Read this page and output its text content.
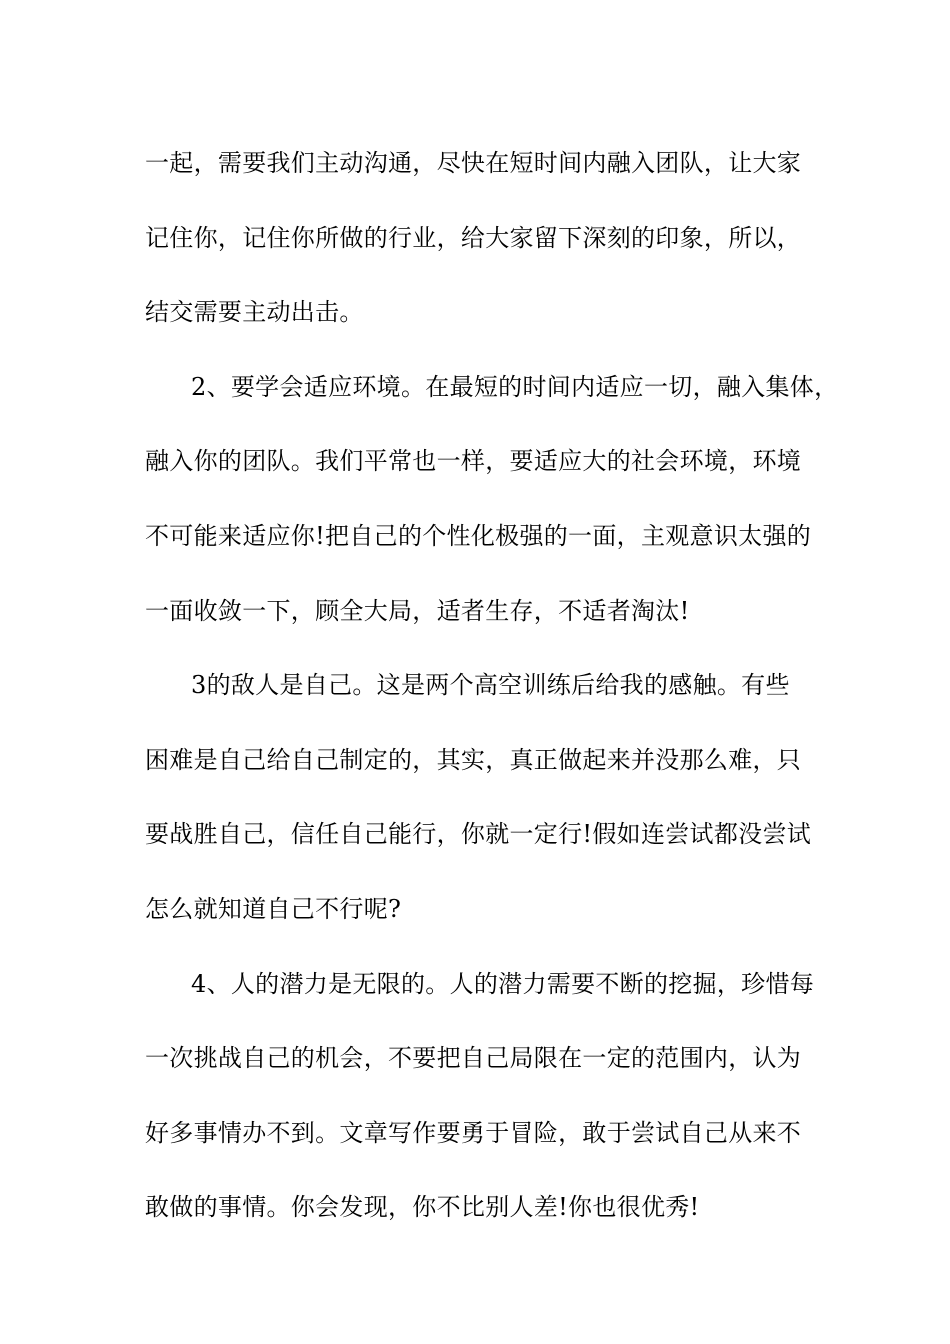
一起，需要我们主动沟通，尽快在短时间内融入团队，让大家
记住你，记住你所做的行业，给大家留下深刻的印象，所以，
结交需要主动出击。
2、要学会适应环境。在最短的时间内适应一切，融入集体，
融入你的团队。我们平常也一样，要适应大的社会环境，环境
不可能来适应你!把自己的个性化极强的一面，主观意识太强的
一面收敛一下，顾全大局，适者生存，不适者淘汰!
3的敌人是自己。这是两个高空训练后给我的感触。有些
困难是自己给自己制定的，其实，真正做起来并没那么难，只
要战胜自己，信任自己能行，你就一定行!假如连尝试都没尝试
怎么就知道自己不行呢?
4、人的潜力是无限的。人的潜力需要不断的挖掘，珍惜每
一次挑战自己的机会，不要把自己局限在一定的范围内，认为
好多事情办不到。文章写作要勇于冒险，敢于尝试自己从来不
敢做的事情。你会发现，你不比别人差!你也很优秀!
